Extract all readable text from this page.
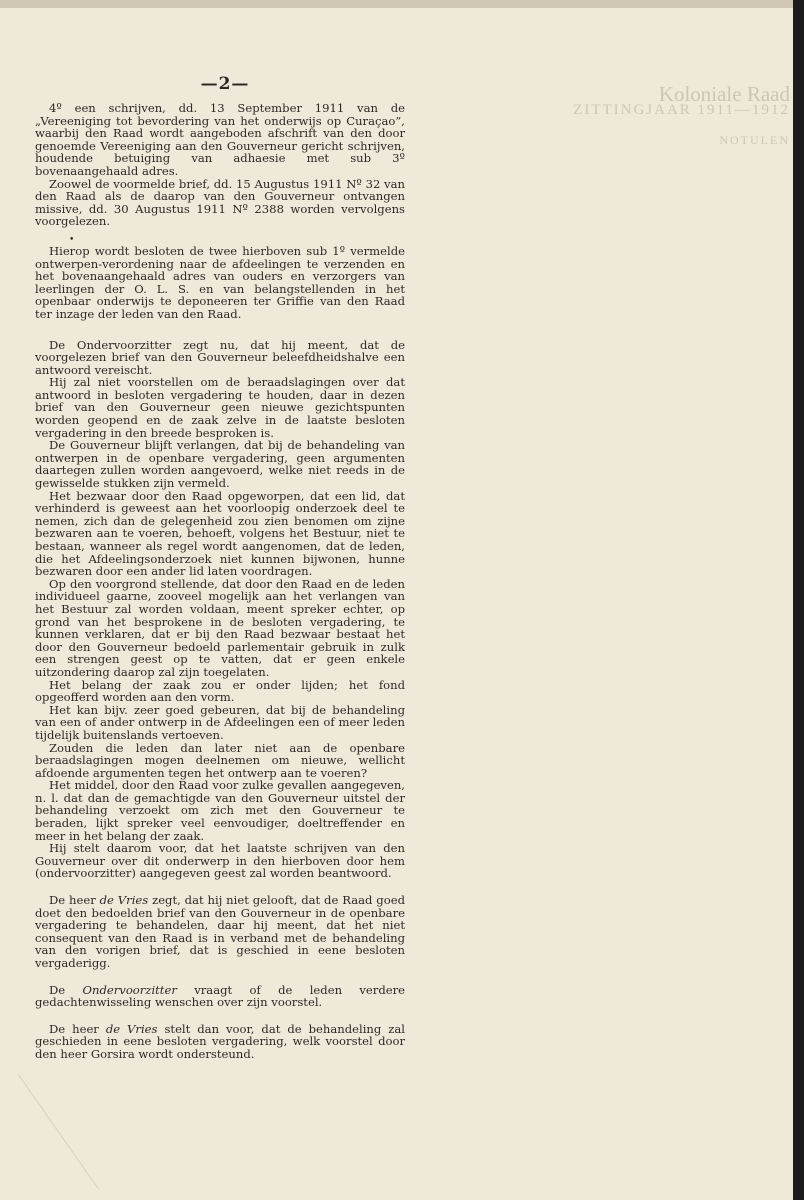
Koloniale Raad
ZITTINGJAAR 1911—1912
NOTULEN
—2—

4º een schrijven, dd. 13 September 1911 van de „Vereeniging tot bevordering van het onderwijs op Curaçao”, waarbij den Raad wordt aangeboden afschrift van den door genoemde Vereeniging aan den Gouverneur gericht schrijven, houdende betuiging van adhaesie met sub 3º bovenaangehaald adres.

Zoowel de voormelde brief, dd. 15 Augustus 1911 Nº 32 van den Raad als de daarop van den Gouverneur ontvangen missive, dd. 30 Augustus 1911 Nº 2388 worden vervolgens voorgelezen.

•

Hierop wordt besloten de twee hierboven sub 1º vermelde ontwerpen-verordening naar de afdeelingen te verzenden en het bovenaangehaald adres van ouders en verzorgers van leerlingen der O. L. S. en van belangstellenden in het openbaar onderwijs te deponeeren ter Griffie van den Raad ter inzage der leden van den Raad.

De Ondervoorzitter zegt nu, dat hij meent, dat de voorgelezen brief van den Gouverneur beleefdheidshalve een antwoord vereischt.

Hij zal niet voorstellen om de beraadslagingen over dat antwoord in besloten vergadering te houden, daar in dezen brief van den Gouverneur geen nieuwe gezichtspunten worden geopend en de zaak zelve in de laatste besloten vergadering in den breede besproken is.

De Gouverneur blijft verlangen, dat bij de behandeling van ontwerpen in de openbare vergadering, geen argumenten daartegen zullen worden aangevoerd, welke niet reeds in de gewisselde stukken zijn vermeld.

Het bezwaar door den Raad opgeworpen, dat een lid, dat verhinderd is geweest aan het voorloopig onderzoek deel te nemen, zich dan de gelegenheid zou zien benomen om zijne bezwaren aan te voeren, behoeft, volgens het Bestuur, niet te bestaan, wanneer als regel wordt aangenomen, dat de leden, die het Afdeelingsonderzoek niet kunnen bijwonen, hunne bezwaren door een ander lid laten voordragen.

Op den voorgrond stellende, dat door den Raad en de leden individueel gaarne, zooveel mogelijk aan het verlangen van het Bestuur zal worden voldaan, meent spreker echter, op grond van het besprokene in de besloten vergadering, te kunnen verklaren, dat er bij den Raad bezwaar bestaat het door den Gouverneur bedoeld parlementair gebruik in zulk een strengen geest op te vatten, dat er geen enkele uitzondering daarop zal zijn toegelaten.

Het belang der zaak zou er onder lijden; het fond opgeofferd worden aan den vorm.

Het kan bijv. zeer goed gebeuren, dat bij de behandeling van een of ander ontwerp in de Afdeelingen een of meer leden tijdelijk buitenslands vertoeven.

Zouden die leden dan later niet aan de openbare beraadslagingen mogen deelnemen om nieuwe, wellicht afdoende argumenten tegen het ontwerp aan te voeren?

Het middel, door den Raad voor zulke gevallen aangegeven, n. l. dat dan de gemachtigde van den Gouverneur uitstel der behandeling verzoekt om zich met den Gouverneur te beraden, lijkt spreker veel eenvoudiger, doeltreffender en meer in het belang der zaak.

Hij stelt daarom voor, dat het laatste schrijven van den Gouverneur over dit onderwerp in den hierboven door hem (ondervoorzitter) aangegeven geest zal worden beantwoord.

De heer de Vries zegt, dat hij niet gelooft, dat de Raad goed doet den bedoelden brief van den Gouverneur in de openbare vergadering te behandelen, daar hij meent, dat het niet consequent van den Raad is in verband met de behandeling van den vorigen brief, dat is geschied in eene besloten vergaderigg.

De Ondervoorzitter vraagt of de leden verdere gedachtenwisseling wenschen over zijn voorstel.

De heer de Vries stelt dan voor, dat de behandeling zal geschieden in eene besloten vergadering, welk voorstel door den heer Gorsira wordt ondersteund.
